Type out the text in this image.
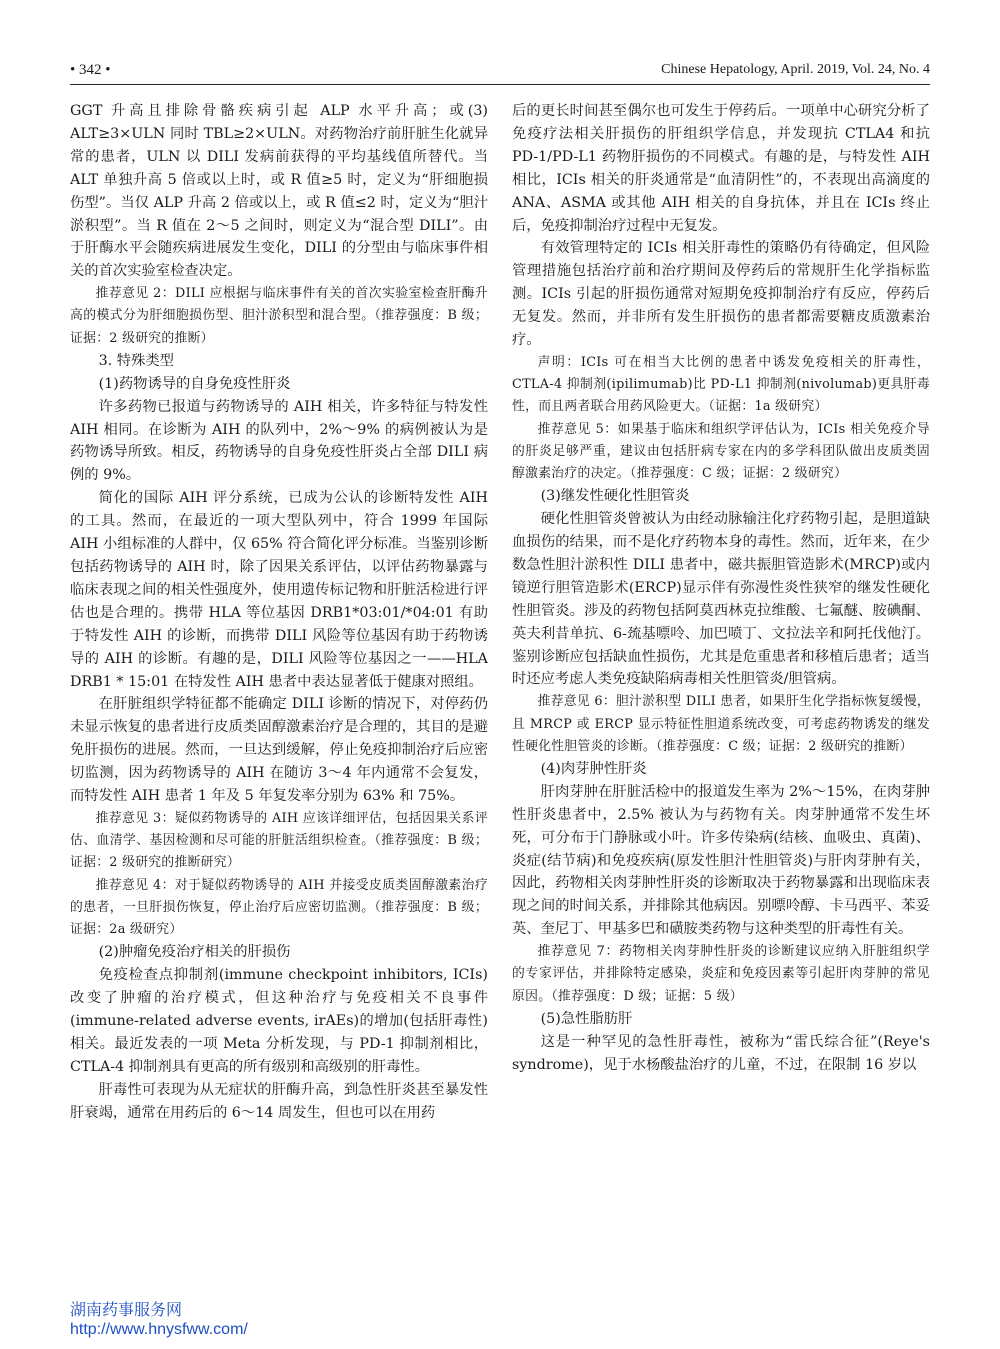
• 342 •	Chinese Hepatology, April. 2019, Vol. 24, No. 4

GGT 升高且排除骨骼疾病引起 ALP 水平升高；或(3) ALT≥3×ULN 同时 TBL≥2×ULN。对药物治疗前肝脏生化就异常的患者，ULN 以 DILI 发病前获得的平均基线值所替代。当 ALT 单独升高 5 倍或以上时，或 R 值≥5 时，定义为“肝细胞损伤型”。当仅 ALP 升高 2 倍或以上，或 R 值≤2 时，定义为“胆汁淤积型”。当 R 值在 2～5 之间时，则定义为“混合型 DILI”。由于肝酶水平会随疾病进展发生变化，DILI 的分型由与临床事件相关的首次实验室检查决定。

推荐意见 2：DILI 应根据与临床事件有关的首次实验室检查肝酶升高的模式分为肝细胞损伤型、胆汁淤积型和混合型。（推荐强度：B 级；证据：2 级研究的推断）

3. 特殊类型

(1)药物诱导的自身免疫性肝炎

许多药物已报道与药物诱导的 AIH 相关，许多特征与特发性 AIH 相同。在诊断为 AIH 的队列中，2%～9% 的病例被认为是药物诱导所致。相反，药物诱导的自身免疫性肝炎占全部 DILI 病例的 9%。

简化的国际 AIH 评分系统，已成为公认的诊断特发性 AIH 的工具。然而，在最近的一项大型队列中，符合 1999 年国际 AIH 小组标准的人群中，仅 65% 符合简化评分标准。当鉴别诊断包括药物诱导的 AIH 时，除了因果关系评估，以评估药物暴露与临床表现之间的相关性强度外，使用遗传标记物和肝脏活检进行评估也是合理的。携带 HLA 等位基因 DRB1*03:01/*04:01 有助于特发性 AIH 的诊断，而携带 DILI 风险等位基因有助于药物诱导的 AIH 的诊断。有趣的是，DILI 风险等位基因之一——HLA DRB1 * 15:01 在特发性 AIH 患者中表达显著低于健康对照组。

在肝脏组织学特征都不能确定 DILI 诊断的情况下，对停药仍未显示恢复的患者进行皮质类固醇激素治疗是合理的，其目的是避免肝损伤的进展。然而，一旦达到缓解，停止免疫抑制治疗后应密切监测，因为药物诱导的 AIH 在随访 3～4 年内通常不会复发，而特发性 AIH 患者 1 年及 5 年复发率分别为 63% 和 75%。

推荐意见 3：疑似药物诱导的 AIH 应该详细评估，包括因果关系评估、血清学、基因检测和尽可能的肝脏活组织检查。（推荐强度：B 级；证据：2 级研究的推断研究）

推荐意见 4：对于疑似药物诱导的 AIH 并接受皮质类固醇激素治疗的患者，一旦肝损伤恢复，停止治疗后应密切监测。（推荐强度：B 级；证据：2a 级研究）

(2)肿瘤免疫治疗相关的肝损伤

免疫检查点抑制剂(immune checkpoint inhibitors, ICIs)改变了肿瘤的治疗模式，但这种治疗与免疫相关不良事件(immune-related adverse events, irAEs)的增加(包括肝毒性)相关。最近发表的一项 Meta 分析发现，与 PD-1 抑制剂相比，CTLA-4 抑制剂具有更高的所有级别和高级别的肝毒性。

肝毒性可表现为从无症状的肝酶升高，到急性肝炎甚至暴发性肝衰竭，通常在用药后的 6～14 周发生，但也可以在用药

后的更长时间甚至偶尔也可发生于停药后。一项单中心研究分析了免疫疗法相关肝损伤的肝组织学信息，并发现抗 CTLA4 和抗 PD-1/PD-L1 药物肝损伤的不同模式。有趣的是，与特发性 AIH 相比，ICIs 相关的肝炎通常是“血清阴性”的，不表现出高滴度的 ANA、ASMA 或其他 AIH 相关的自身抗体，并且在 ICIs 终止后，免疫抑制治疗过程中无复发。

有效管理特定的 ICIs 相关肝毒性的策略仍有待确定，但风险管理措施包括治疗前和治疗期间及停药后的常规肝生化学指标监测。ICIs 引起的肝损伤通常对短期免疫抑制治疗有反应，停药后无复发。然而，并非所有发生肝损伤的患者都需要糖皮质激素治疗。

声明：ICIs 可在相当大比例的患者中诱发免疫相关的肝毒性，CTLA-4 抑制剂(ipilimumab)比 PD-L1 抑制剂(nivolumab)更具肝毒性，而且两者联合用药风险更大。（证据：1a 级研究）

推荐意见 5：如果基于临床和组织学评估认为，ICIs 相关免疫介导的肝炎足够严重，建议由包括肝病专家在内的多学科团队做出皮质类固醇激素治疗的决定。（推荐强度：C 级；证据：2 级研究）

(3)继发性硬化性胆管炎

硬化性胆管炎曾被认为由经动脉输注化疗药物引起，是胆道缺血损伤的结果，而不是化疗药物本身的毒性。然而，近年来，在少数急性胆汁淤积性 DILI 患者中，磁共振胆管造影术(MRCP)或内镜逆行胆管造影术(ERCP)显示伴有弥漫性炎性狭窄的继发性硬化性胆管炎。涉及的药物包括阿莫西林克拉维酸、七氟醚、胺碘酮、英夫利昔单抗、6-巯基嘌呤、加巴喷丁、文拉法辛和阿托伐他汀。鉴别诊断应包括缺血性损伤，尤其是危重患者和移植后患者；适当时还应考虑人类免疫缺陷病毒相关性胆管炎/胆管病。

推荐意见 6：胆汁淤积型 DILI 患者，如果肝生化学指标恢复缓慢，且 MRCP 或 ERCP 显示特征性胆道系统改变，可考虑药物诱发的继发性硬化性胆管炎的诊断。（推荐强度：C 级；证据：2 级研究的推断）

(4)肉芽肿性肝炎

肝肉芽肿在肝脏活检中的报道发生率为 2%～15%，在肉芽肿性肝炎患者中，2.5% 被认为与药物有关。肉芽肿通常不发生坏死，可分布于门静脉或小叶。许多传染病(结核、血吸虫、真菌)、炎症(结节病)和免疫疾病(原发性胆汁性胆管炎)与肝肉芽肿有关，因此，药物相关肉芽肿性肝炎的诊断取决于药物暴露和出现临床表现之间的时间关系，并排除其他病因。别嘌呤醇、卡马西平、苯妥英、奎尼丁、甲基多巴和磺胺类药物与这种类型的肝毒性有关。

推荐意见 7：药物相关肉芽肿性肝炎的诊断建议应纳入肝脏组织学的专家评估，并排除特定感染，炎症和免疫因素等引起肝肉芽肿的常见原因。（推荐强度：D 级；证据：5 级）

(5)急性脂肪肝

这是一种罕见的急性肝毒性，被称为“雷氏综合征”(Reye's syndrome)，见于水杨酸盐治疗的儿童，不过，在限制 16 岁以

湖南药事服务网
http://www.hnysfww.com/
